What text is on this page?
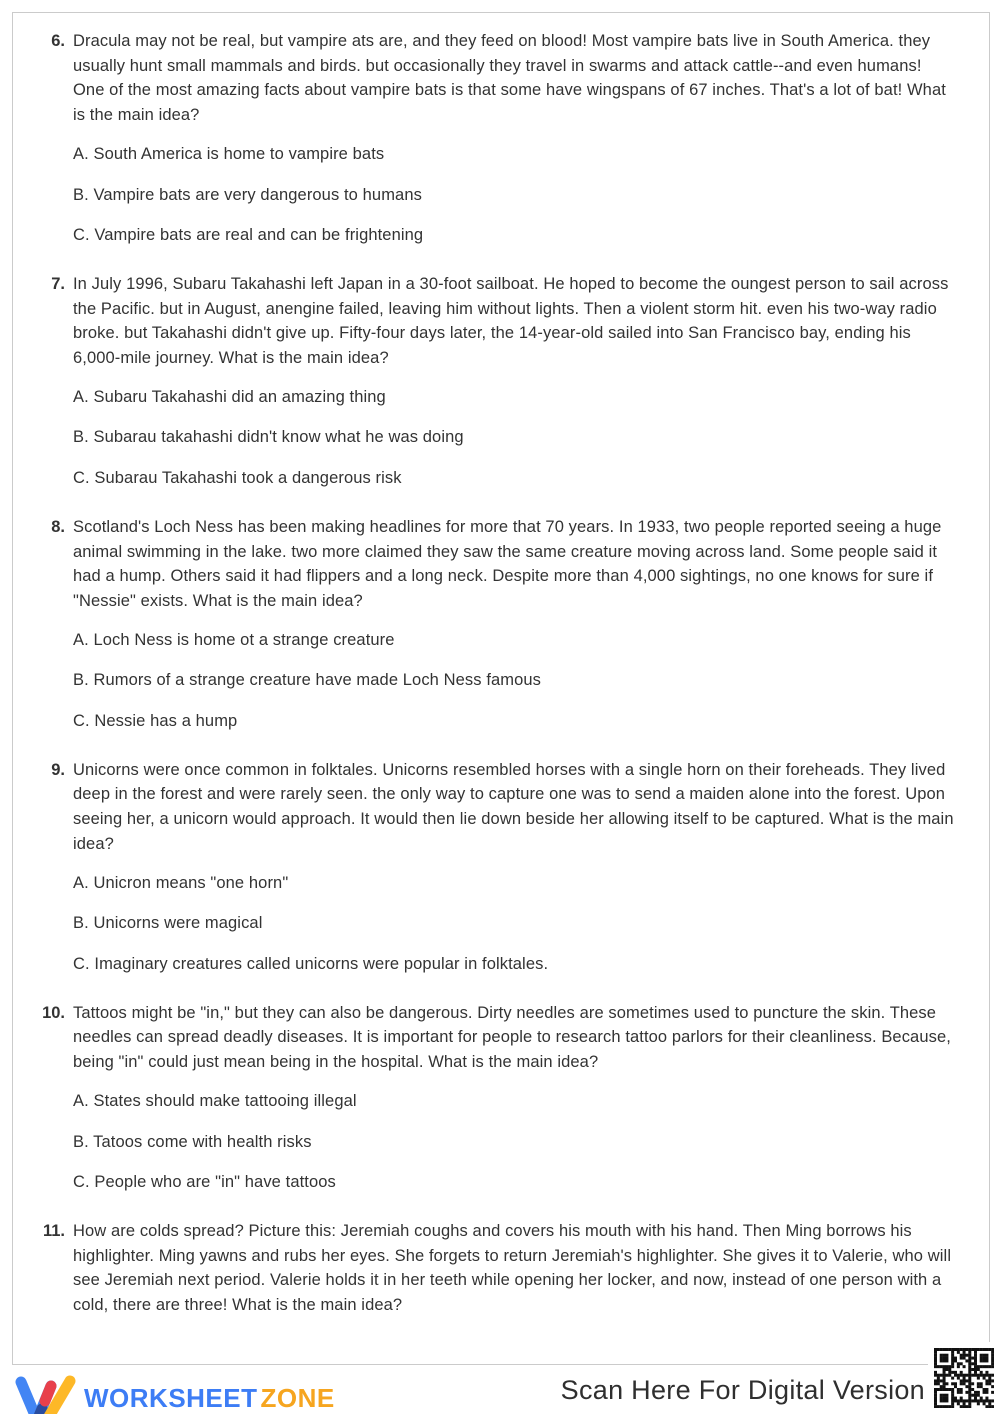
6. Dracula may not be real, but vampire ats are, and they feed on blood! Most vampire bats live in South America. they usually hunt small mammals and birds. but occasionally they travel in swarms and attack cattle--and even humans! One of the most amazing facts about vampire bats is that some have wingspans of 67 inches. That's a lot of bat! What is the main idea?
A. South America is home to vampire bats
B. Vampire bats are very dangerous to humans
C. Vampire bats are real and can be frightening
7. In July 1996, Subaru Takahashi left Japan in a 30-foot sailboat. He hoped to become the oungest person to sail across the Pacific. but in August, anengine failed, leaving him without lights. Then a violent storm hit. even his two-way radio broke. but Takahashi didn't give up. Fifty-four days later, the 14-year-old sailed into San Francisco bay, ending his 6,000-mile journey. What is the main idea?
A. Subaru Takahashi did an amazing thing
B. Subarau takahashi didn't know what he was doing
C. Subarau Takahashi took a dangerous risk
8. Scotland's Loch Ness has been making headlines for more that 70 years. In 1933, two people reported seeing a huge animal swimming in the lake. two more claimed they saw the same creature moving across land. Some people said it had a hump. Others said it had flippers and a long neck. Despite more than 4,000 sightings, no one knows for sure if "Nessie" exists. What is the main idea?
A. Loch Ness is home ot a strange creature
B. Rumors of a strange creature have made Loch Ness famous
C. Nessie has a hump
9. Unicorns were once common in folktales. Unicorns resembled horses with a single horn on their foreheads. They lived deep in the forest and were rarely seen. the only way to capture one was to send a maiden alone into the forest. Upon seeing her, a unicorn would approach. It would then lie down beside her allowing itself to be captured. What is the main idea?
A. Unicron means "one horn"
B. Unicorns were magical
C. Imaginary creatures called unicorns were popular in folktales.
10. Tattoos might be "in," but they can also be dangerous. Dirty needles are sometimes used to puncture the skin. These needles can spread deadly diseases. It is important for people to research tattoo parlors for their cleanliness. Because, being "in" could just mean being in the hospital. What is the main idea?
A. States should make tattooing illegal
B. Tatoos come with health risks
C. People who are "in" have tattoos
11. How are colds spread? Picture this: Jeremiah coughs and covers his mouth with his hand. Then Ming borrows his highlighter. Ming yawns and rubs her eyes. She forgets to return Jeremiah's highlighter. She gives it to Valerie, who will see Jeremiah next period. Valerie holds it in her teeth while opening her locker, and now, instead of one person with a cold, there are three! What is the main idea?
WORKSHEET ZONE	Scan Here For Digital Version
